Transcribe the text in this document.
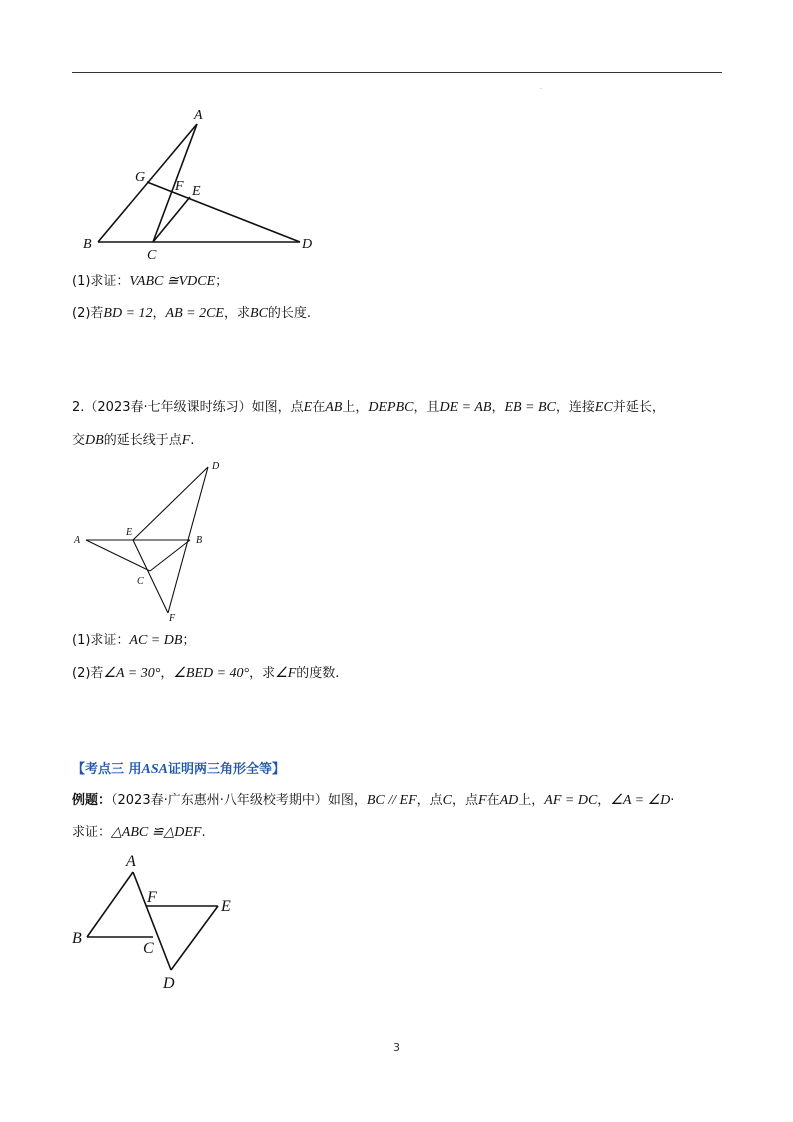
.
A
G
F E
B
C
D
(1)求证：VABC ≅VDCE；
(2)若BD = 12，AB = 2CE，求BC的长度.
2.（2023春·七年级课时练习）如图，点E在AB上，DEPBC，且DE = AB，EB = BC，连接EC并延长，
交DB的延长线于点F.
A
E
B
C
D
F
(1)求证：AC = DB；
(2)若∠A = 30°，∠BED = 40°，求∠F的度数.
【考点三 用ASA证明两三角形全等】
例题：（2023春·广东惠州·八年级校考期中）如图，BC // EF，点C，点F在AD上，AF = DC，∠A = ∠D·
求证：△ABC ≌△DEF.
A
F
E
B
C
D
3
